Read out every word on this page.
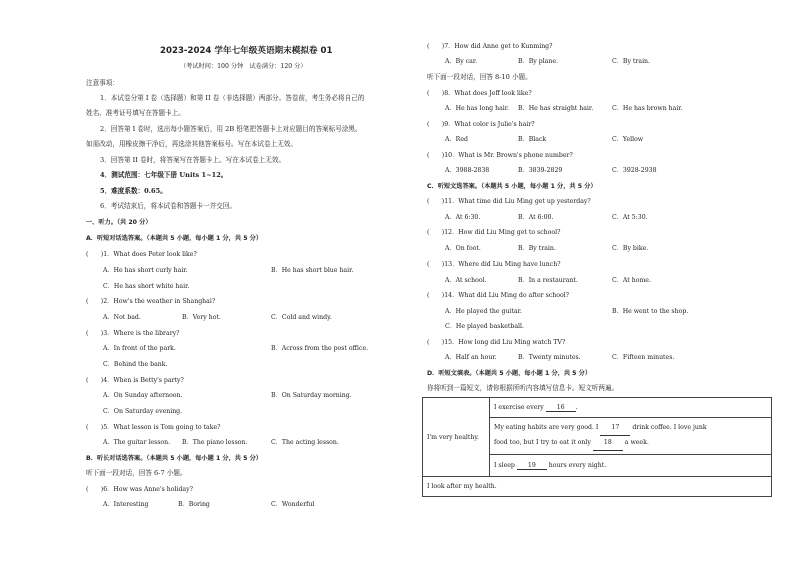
2023-2024 学年七年级英语期末模拟卷 01
（考试时间：100 分钟　试卷满分：120 分）
注意事项：
1．本试卷分第 I 卷（选择题）和第 II 卷（非选择题）两部分。答卷前，考生务必将自己的
姓名、准考证号填写在答题卡上。
2．回答第 I 卷时，选出每小题答案后，用 2B 铅笔把答题卡上对应题目的答案标号涂黑。
如需改动，用橡皮擦干净后，再选涂其他答案标号。写在本试卷上无效。
3．回答第 II 卷时，将答案写在答题卡上。写在本试卷上无效。
4．测试范围：七年级下册 Units 1~12。
5．难度系数：0.65。
6．考试结束后，将本试卷和答题卡一并交回。
一、听力。（共 20 分）
A．听短对话选答案。（本题共 5 小题，每小题 1 分，共 5 分）
(　　)1．What does Peter look like?
A．He has short curly hair.	B．He has short blue hair.
C．He has short white hair.
(　　)2．How's the weather in Shanghai?
A．Not bad.	B．Very hot.	C．Cold and windy.
(　　)3．Where is the library?
A．In front of the park.	B．Across from the post office.
C．Behind the bank.
(　　)4．When is Betty's party?
A．On Sunday afternoon.	B．On Saturday morning.
C．On Saturday evening.
(　　)5．What lesson is Tom going to take?
A．The guitar lesson. B．The piano lesson.	C．The acting lesson.
B．听长对话选答案。（本题共 5 小题，每小题 1 分，共 5 分）
听下面一段对话，回答 6-7 小题。
(　　)6．How was Anne's holiday?
A．Interesting	B．Boring	C．Wonderful
(　　)7．How did Anne get to Kunming?
A．By car.	B．By plane.	C．By train.
听下面一段对话，回答 8-10 小题。
(　　)8．What does Jeff look like?
A．He has long hair. B．He has straight hair.	C．He has brown hair.
(　　)9．What color is Julie's hair?
A．Red	B．Black	C．Yellow
(　　)10．What is Mr. Brown's phone number?
A．3988-2838	B．3839-2829	C．3928-2938
C．听短文选答案。（本题共 5 小题，每小题 1 分，共 5 分）
(　　)11．What time did Liu Ming get up yesterday?
A．At 6:30.	B．At 6:00.	C．At 5:30.
(　　)12．How did Liu Ming get to school?
A．On foot.	B．By train.	C．By bike.
(　　)13．Where did Liu Ming have lunch?
A．At school.	B．In a restaurant.	C．At home.
(　　)14．What did Liu Ming do after school?
A．He played the guitar.	B．He went to the shop.
C．He played basketball.
(　　)15．How long did Liu Ming watch TV?
A．Half an hour.	B．Twenty minutes.	C．Fifteen minutes.
D．听短文填表。（本题共 5 小题，每小题 1 分，共 5 分）
你将听到一篇短文，请你根据所听内容填写信息卡。短文听两遍。
I'm very healthy.	I exercise every 16 .
My eating habits are very good. I 17 drink coffee. I love junk
food too, but I try to eat it only 18 a week.
I sleep 19 hours every night.
I look after my health.
